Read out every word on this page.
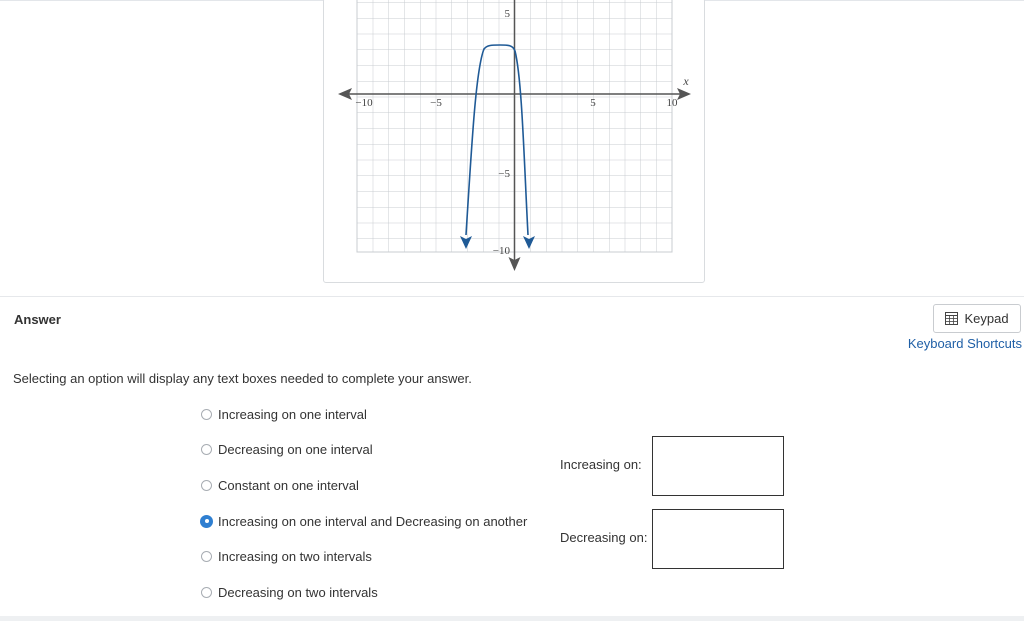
−10	−5	5	10
x
5
−5
−10
Answer	Keypad
Keyboard Shortcuts
Selecting an option will display any text boxes needed to complete your answer.
Increasing on one interval
Decreasing on one interval
Constant on one interval
Increasing on one interval and Decreasing on another
Increasing on two intervals
Decreasing on two intervals
Increasing on:
Decreasing on:
